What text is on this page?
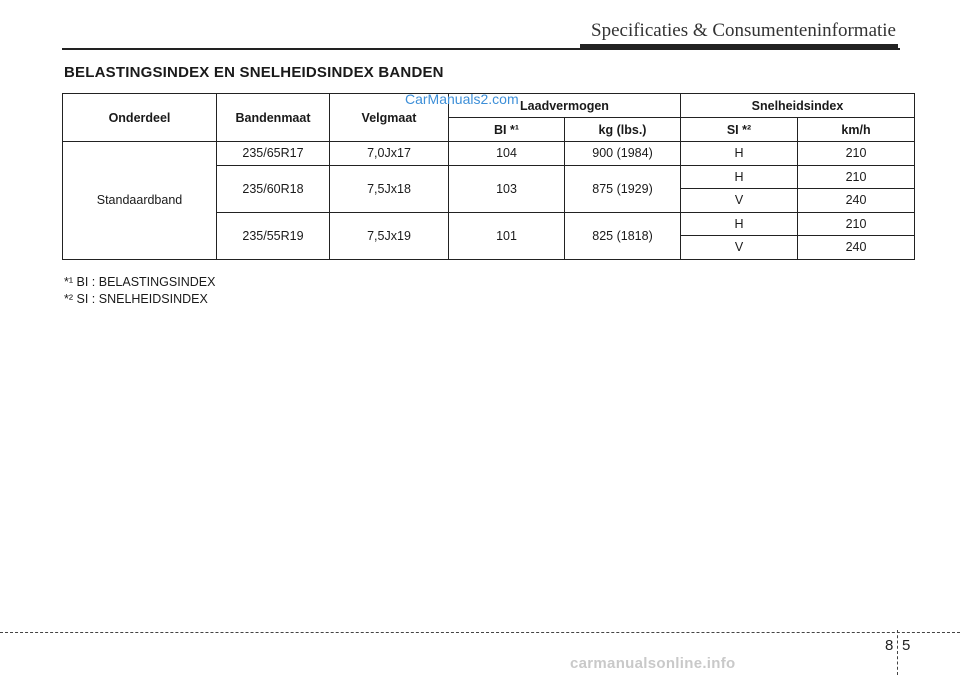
Specificaties & Consumenteninformatie
BELASTINGSINDEX EN SNELHEIDSINDEX BANDEN
CarManuals2.com
Onderdeel	Bandenmaat	Velgmaat	Laadvermogen		Snelheidsindex	
			BI *¹	kg (lbs.)	SI *²	km/h
Standaardband	235/65R17	7,0Jx17	104	900 (1984)	H	210
	235/60R18	7,5Jx18	103	875 (1929)	H	210
					V	240
	235/55R19	7,5Jx19	101	825 (1818)	H	210
					V	240
*¹ BI : BELASTINGSINDEX
*² SI : SNELHEIDSINDEX
8 5
carmanualsonline.info
